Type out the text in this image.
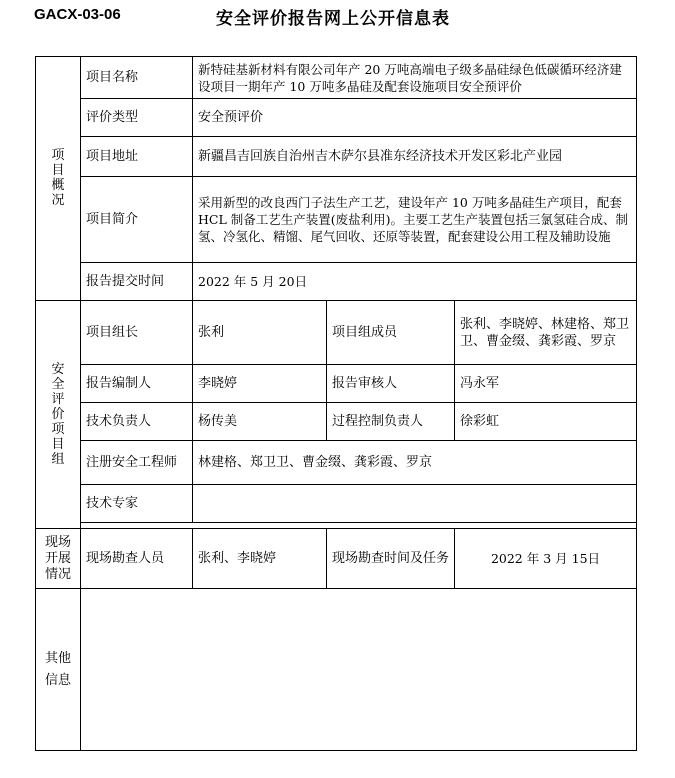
GACX-03-06	安全评价报告网上公开信息表
项目概况	项目名称	新特硅基新材料有限公司年产 20 万吨高端电子级多晶硅绿色低碳循环经济建设项目一期年产 10 万吨多晶硅及配套设施项目安全预评价		
	评价类型	安全预评价		
	项目地址	新疆昌吉回族自治州吉木萨尔县准东经济技术开发区彩北产业园		
	项目简介	采用新型的改良西门子法生产工艺，建设年产 10 万吨多晶硅生产项目，配套 HCL 制备工艺生产装置(废盐利用)。主要工艺生产装置包括三氯氢硅合成、制氢、冷氢化、精馏、尾气回收、还原等装置，配套建设公用工程及辅助设施		
	报告提交时间	2022 年 5 月 20日		
安全评价项目组	项目组长	张利	项目组成员	张利、李晓婷、林建格、郑卫卫、曹金缀、龚彩霞、罗京
	报告编制人	李晓婷	报告审核人	冯永军
	技术负责人	杨传美	过程控制负责人	徐彩虹
	注册安全工程师	林建格、郑卫卫、曹金缀、龚彩霞、罗京		
	技术专家			

现场开展情况	现场勘查人员	张利、李晓婷	现场勘查时间及任务	2022 年 3 月 15日
其他信息				
